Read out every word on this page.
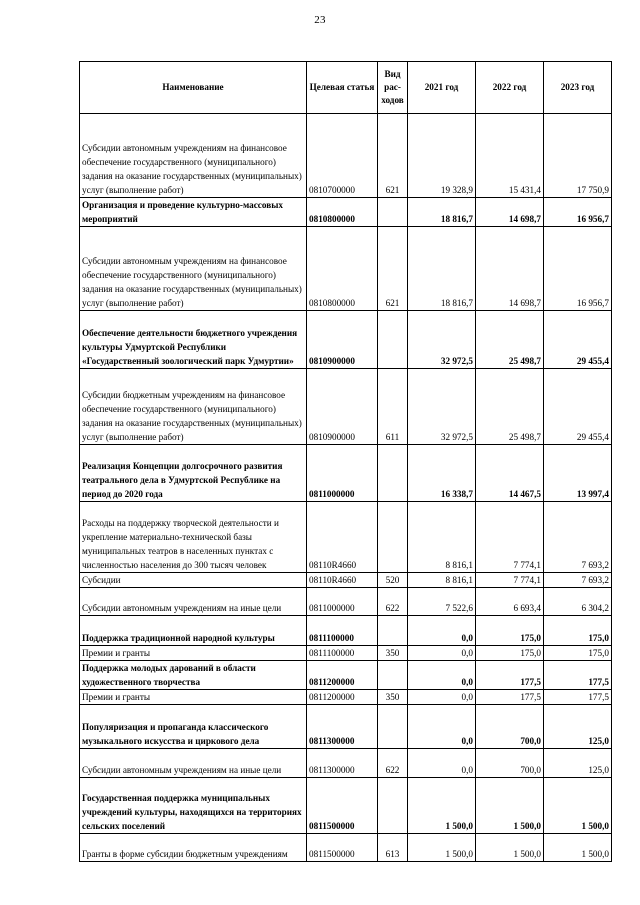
23
Наименование	Целевая статья	Вид рас-ходов	2021 год	2022 год	2023 год
Субсидии автономным учреждениям на финансовое обеспечение государственного (муниципального) задания на оказание государственных (муниципальных) услуг (выполнение работ)	0810700000	621	19 328,9	15 431,4	17 750,9
Организация и проведение культурно-массовых мероприятий	0810800000		18 816,7	14 698,7	16 956,7
Субсидии автономным учреждениям на финансовое обеспечение государственного (муниципального) задания на оказание государственных (муниципальных) услуг (выполнение работ)	0810800000	621	18 816,7	14 698,7	16 956,7
Обеспечение деятельности бюджетного учреждения культуры Удмуртской Республики «Государственный зоологический парк Удмуртии»	0810900000		32 972,5	25 498,7	29 455,4
Субсидии бюджетным учреждениям на финансовое обеспечение государственного (муниципального) задания на оказание государственных (муниципальных) услуг (выполнение работ)	0810900000	611	32 972,5	25 498,7	29 455,4
Реализация Концепции долгосрочного развития театрального дела в Удмуртской Республике на период до 2020 года	0811000000		16 338,7	14 467,5	13 997,4
Расходы на поддержку творческой деятельности и укрепление материально-технической базы муниципальных театров в населенных пунктах с численностью населения до 300 тысяч человек	08110R4660		8 816,1	7 774,1	7 693,2
Субсидии	08110R4660	520	8 816,1	7 774,1	7 693,2
Субсидии автономным учреждениям на иные цели	0811000000	622	7 522,6	6 693,4	6 304,2
Поддержка традиционной народной культуры	0811100000		0,0	175,0	175,0
Премии и гранты	0811100000	350	0,0	175,0	175,0
Поддержка молодых дарований в области художественного творчества	0811200000		0,0	177,5	177,5
Премии и гранты	0811200000	350	0,0	177,5	177,5
Популяризация и пропаганда классического музыкального искусства и циркового дела	0811300000		0,0	700,0	125,0
Субсидии автономным учреждениям на иные цели	0811300000	622	0,0	700,0	125,0
Государственная поддержка муниципальных учреждений культуры, находящихся на территориях сельских поселений	0811500000		1 500,0	1 500,0	1 500,0
Гранты в форме субсидии бюджетным учреждениям	0811500000	613	1 500,0	1 500,0	1 500,0
